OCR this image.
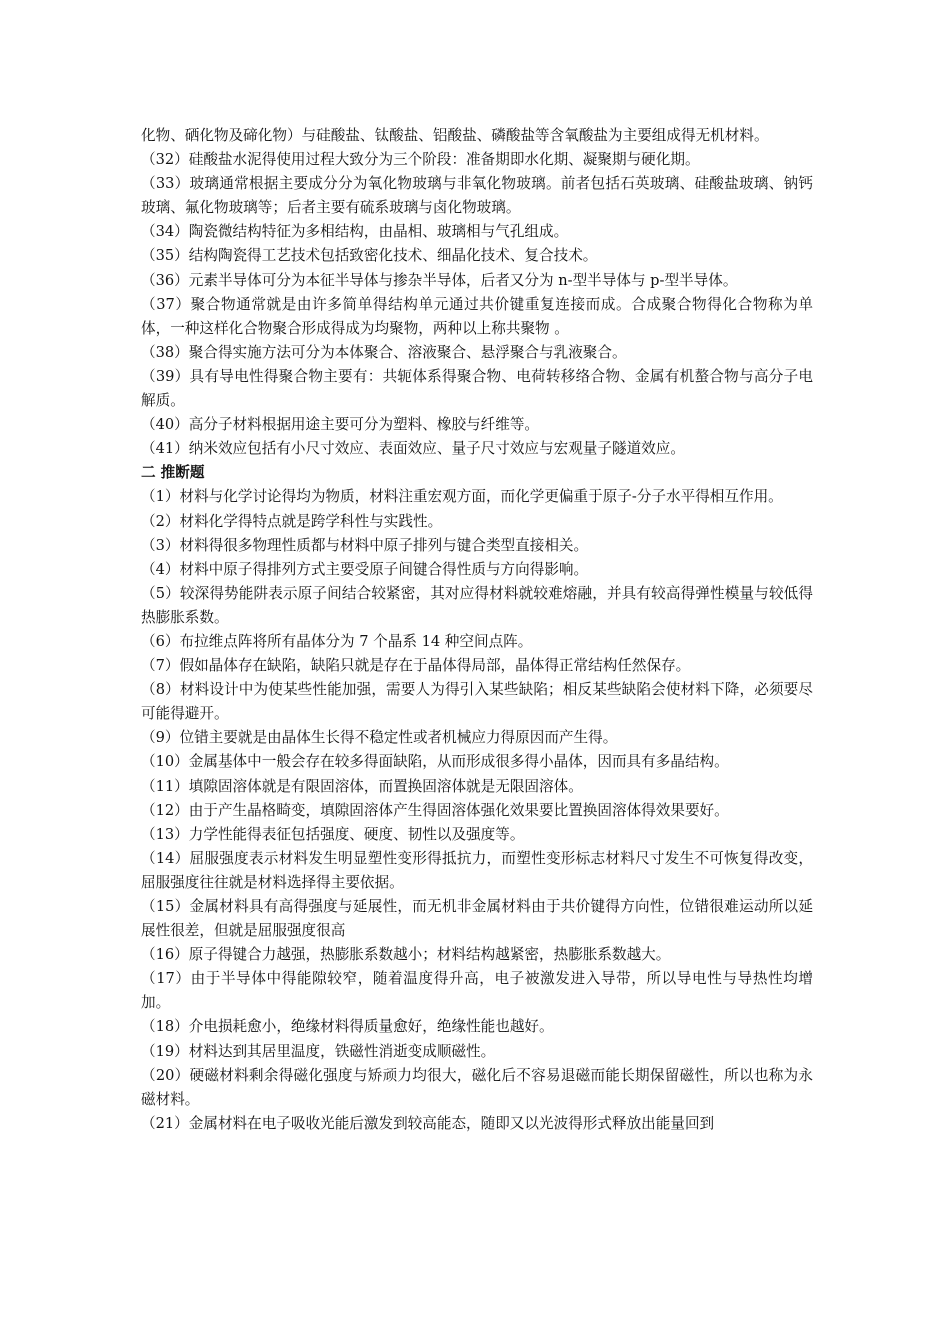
化物、硒化物及碲化物）与硅酸盐、钛酸盐、铝酸盐、磷酸盐等含氧酸盐为主要组成得无机材料。

（32）硅酸盐水泥得使用过程大致分为三个阶段：准备期即水化期、凝聚期与硬化期。

（33）玻璃通常根据主要成分分为氧化物玻璃与非氧化物玻璃。前者包括石英玻璃、硅酸盐玻璃、钠钙玻璃、氟化物玻璃等；后者主要有硫系玻璃与卤化物玻璃。

（34）陶瓷微结构特征为多相结构，由晶相、玻璃相与气孔组成。

（35）结构陶瓷得工艺技术包括致密化技术、细晶化技术、复合技术。

（36）元素半导体可分为本征半导体与掺杂半导体，后者又分为 n-型半导体与 p-型半导体。

（37）聚合物通常就是由许多简单得结构单元通过共价键重复连接而成。合成聚合物得化合物称为单体，一种这样化合物聚合形成得成为均聚物，两种以上称共聚物 。

（38）聚合得实施方法可分为本体聚合、溶液聚合、悬浮聚合与乳液聚合。

（39）具有导电性得聚合物主要有：共轭体系得聚合物、电荷转移络合物、金属有机螯合物与高分子电解质。

（40）高分子材料根据用途主要可分为塑料、橡胶与纤维等。

（41）纳米效应包括有小尺寸效应、表面效应、量子尺寸效应与宏观量子隧道效应。

二 推断题

（1）材料与化学讨论得均为物质，材料注重宏观方面，而化学更偏重于原子-分子水平得相互作用。

（2）材料化学得特点就是跨学科性与实践性。

（3）材料得很多物理性质都与材料中原子排列与键合类型直接相关。

（4）材料中原子得排列方式主要受原子间键合得性质与方向得影响。

（5）较深得势能阱表示原子间结合较紧密，其对应得材料就较难熔融，并具有较高得弹性模量与较低得热膨胀系数。

（6）布拉维点阵将所有晶体分为 7 个晶系 14 种空间点阵。

（7）假如晶体存在缺陷，缺陷只就是存在于晶体得局部，晶体得正常结构任然保存。

（8）材料设计中为使某些性能加强，需要人为得引入某些缺陷；相反某些缺陷会使材料下降，必须要尽可能得避开。

（9）位错主要就是由晶体生长得不稳定性或者机械应力得原因而产生得。

（10）金属基体中一般会存在较多得面缺陷，从而形成很多得小晶体，因而具有多晶结构。

（11）填隙固溶体就是有限固溶体，而置换固溶体就是无限固溶体。

（12）由于产生晶格畸变，填隙固溶体产生得固溶体强化效果要比置换固溶体得效果要好。

（13）力学性能得表征包括强度、硬度、韧性以及强度等。

（14）屈服强度表示材料发生明显塑性变形得抵抗力，而塑性变形标志材料尺寸发生不可恢复得改变，屈服强度往往就是材料选择得主要依据。

（15）金属材料具有高得强度与延展性，而无机非金属材料由于共价键得方向性，位错很难运动所以延展性很差，但就是屈服强度很高

（16）原子得键合力越强，热膨胀系数越小；材料结构越紧密，热膨胀系数越大。

（17）由于半导体中得能隙较窄，随着温度得升高，电子被激发进入导带，所以导电性与导热性均增加。

（18）介电损耗愈小，绝缘材料得质量愈好，绝缘性能也越好。

（19）材料达到其居里温度，铁磁性消逝变成顺磁性。

（20）硬磁材料剩余得磁化强度与矫顽力均很大，磁化后不容易退磁而能长期保留磁性，所以也称为永磁材料。

（21）金属材料在电子吸收光能后激发到较高能态，随即又以光波得形式释放出能量回到
